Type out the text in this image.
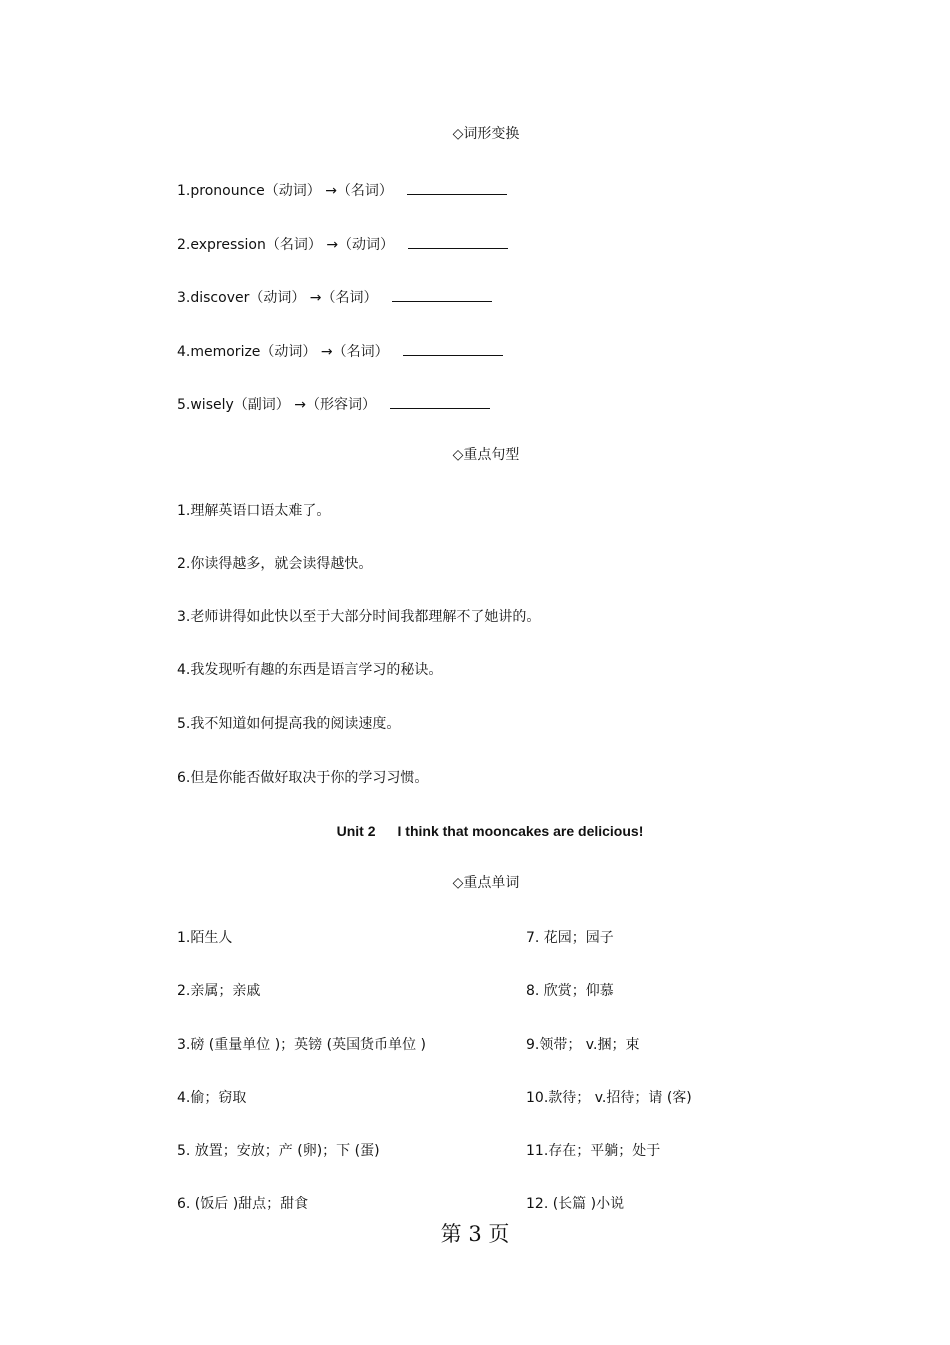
◇词形变换
1.pronounce（动词） →（名词）
2.expression（名词） →（动词）
3.discover（动词） →（名词）
4.memorize（动词） →（名词）
5.wisely（副词） →（形容词）
◇重点句型
1.理解英语口语太难了。
2.你读得越多，就会读得越快。
3.老师讲得如此快以至于大部分时间我都理解不了她讲的。
4.我发现听有趣的东西是语言学习的秘诀。
5.我不知道如何提高我的阅读速度。
6.但是你能否做好取决于你的学习习惯。
Unit 2 I think that mooncakes are delicious!
◇重点单词
1.陌生人	7. 花园；园子
2.亲属；亲戚	8. 欣赏；仰慕
3.磅 (重量单位 )；英镑 (英国货币单位 )	9.领带； v.捆；束
4.偷；窃取	10.款待； v.招待；请 (客)
5. 放置；安放；产 (卵)；下 (蛋)	11.存在；平躺；处于
6. (饭后 )甜点；甜食	12. (长篇 )小说
第 3 页
